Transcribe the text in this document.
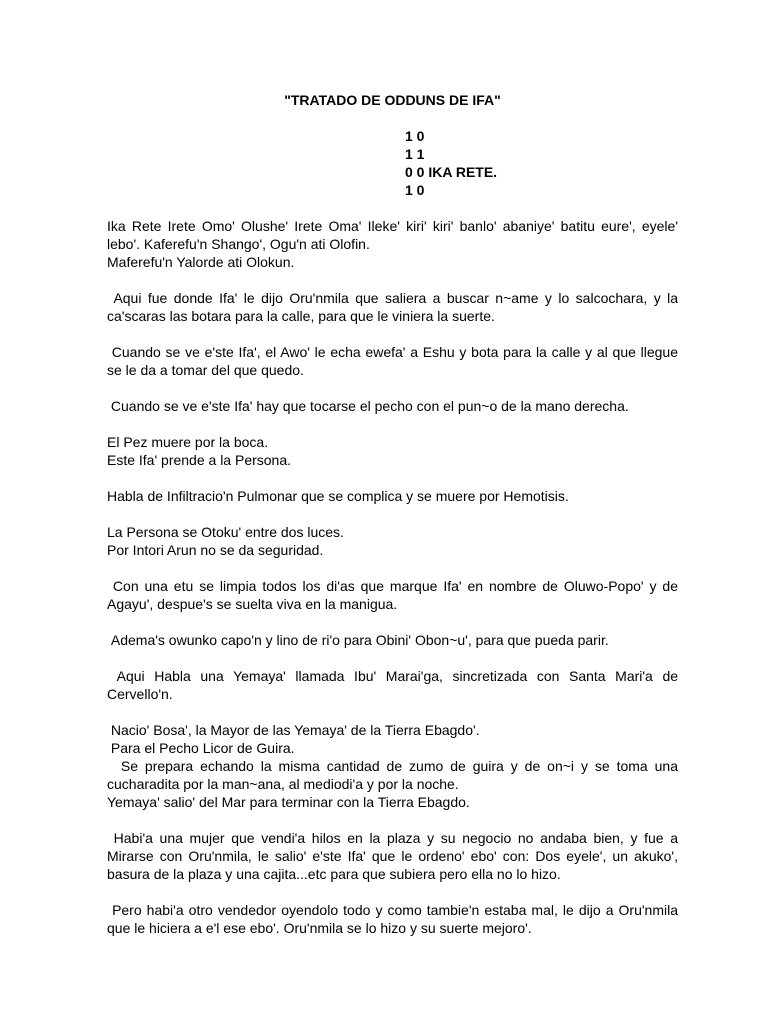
"TRATADO DE ODDUNS DE IFA"
1 0
1 1
0 0 IKA RETE.
1 0
Ika Rete Irete Omo' Olushe' Irete Oma' Ileke' kiri' kiri' banlo' abaniye' batitu eure', eyele' lebo'. Kaferefu'n Shango', Ogu'n ati Olofin.
Maferefu'n Yalorde ati Olokun.
Aqui fue donde Ifa' le dijo Oru'nmila que saliera a buscar n~ame y lo salcochara, y la ca'scaras las botara para la calle, para que le viniera la suerte.
Cuando se ve e'ste Ifa', el Awo' le echa ewefa' a Eshu y bota para la calle y al que llegue se le da a tomar del que quedo.
Cuando se ve e'ste Ifa' hay que tocarse el pecho con el pun~o de la mano derecha.
El Pez muere por la boca.
Este Ifa' prende a la Persona.
Habla de Infiltracio'n Pulmonar que se complica y se muere por Hemotisis.
La Persona se Otoku' entre dos luces.
Por Intori Arun no se da seguridad.
Con una etu se limpia todos los di'as que marque Ifa' en nombre de Oluwo-Popo' y de Agayu', despue's se suelta viva en la manigua.
Adema's owunko capo'n y lino de ri'o para Obini' Obon~u', para que pueda parir.
Aqui Habla una Yemaya' llamada Ibu' Marai'ga, sincretizada con Santa Mari'a de Cervello'n.
Nacio' Bosa', la Mayor de las Yemaya' de la Tierra Ebagdo'.
Para el Pecho Licor de Guira.
Se prepara echando la misma cantidad de zumo de guira y de on~i y se toma una cucharadita por la man~ana, al mediodi'a y por la noche.
Yemaya' salio' del Mar para terminar con la Tierra Ebagdo.
Habi'a una mujer que vendi'a hilos en la plaza y su negocio no andaba bien, y fue a Mirarse con Oru'nmila, le salio' e'ste Ifa' que le ordeno' ebo' con: Dos eyele', un akuko', basura de la plaza y una cajita...etc para que subiera pero ella no lo hizo.
Pero habi'a otro vendedor oyendolo todo y como tambie'n estaba mal, le dijo a Oru'nmila que le hiciera a e'l ese ebo'. Oru'nmila se lo hizo y su suerte mejoro'.
